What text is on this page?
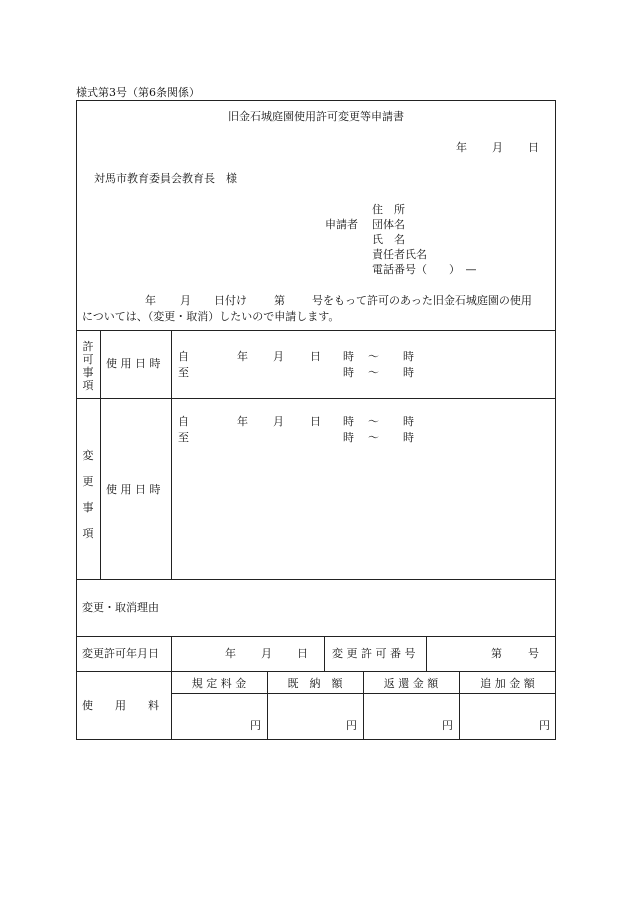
様式第3号（第6条関係）
旧金石城庭園使用許可変更等申請書
年 月 日
対馬市教育委員会教育長　様
住　所
申請者 団体名
氏　名
責任者氏名
電話番号（　　）　—
年 月 日付け 第 号をもって許可のあった旧金石城庭園の使用
については、（変更・取消）したいので申請します。
許
可
事
項
使 用 日 時
自	年 月 日 時 ～ 時
至	時 ～ 時
変
更
事
項
使 用 日 時
自	年 月 日 時 ～ 時
至	時 ～ 時
変更・取消理由
変更許可年月日	年 月 日 変 更 許 可 番 号	第 号
使　　用　　料
規 定 料 金	既　納　額	返 還 金 額	追 加 金 額
円	円	円	円
